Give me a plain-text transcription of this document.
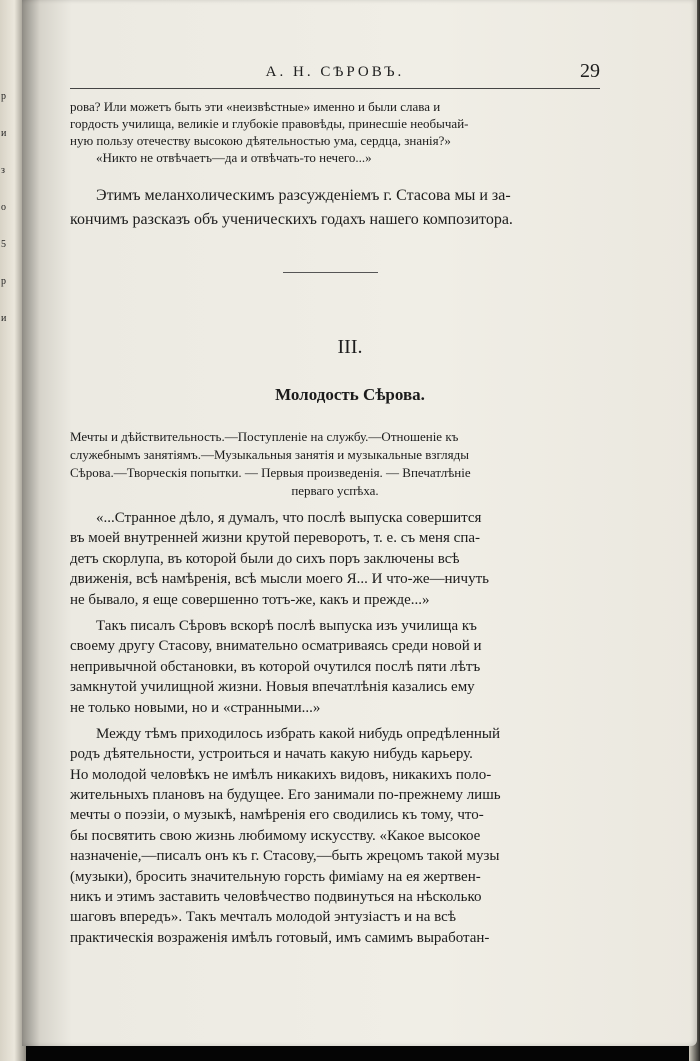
р
и
з
о
5
р
и
А. Н. СѢРОВЪ.	29
рова? Или можетъ быть эти «неизвѣстные» именно и были слава и
гордость училища, великіе и глубокіе правовѣды, принесшіе необычай-
ную пользу отечеству высокою дѣятельностью ума, сердца, знанія?»
«Никто не отвѣчаетъ—да и отвѣчать-то нечего...»
Этимъ меланхолическимъ разсужденіемъ г. Стасова мы и за-
кончимъ разсказъ объ ученическихъ годахъ нашего композитора.
III.
Молодость Сѣрова.
Мечты и дѣйствительность.—Поступленіе на службу.—Отношеніе къ
служебнымъ занятіямъ.—Музыкальныя занятія и музыкальные взгляды
Сѣрова.—Творческія попытки. — Первыя произведенія. — Впечатлѣніе
перваго успѣха.
«...Странное дѣло, я думалъ, что послѣ выпуска совершится
въ моей внутренней жизни крутой переворотъ, т. е. съ меня спа-
детъ скорлупа, въ которой были до сихъ поръ заключены всѣ
движенія, всѣ намѣренія, всѣ мысли моего Я... И что-же—ничуть
не бывало, я еще совершенно тотъ-же, какъ и прежде...»
Такъ писалъ Сѣровъ вскорѣ послѣ выпуска изъ училища къ
своему другу Стасову, внимательно осматриваясь среди новой и
непривычной обстановки, въ которой очутился послѣ пяти лѣтъ
замкнутой училищной жизни. Новыя впечатлѣнія казались ему
не только новыми, но и «странными...»
Между тѣмъ приходилось избрать какой нибудь опредѣленный
родъ дѣятельности, устроиться и начать какую нибудь карьеру.
Но молодой человѣкъ не имѣлъ никакихъ видовъ, никакихъ поло-
жительныхъ плановъ на будущее. Его занимали по-прежнему лишь
мечты о поэзіи, о музыкѣ, намѣренія его сводились къ тому, что-
бы посвятить свою жизнь любимому искусству. «Какое высокое
назначеніе,—писалъ онъ къ г. Стасову,—быть жрецомъ такой музы
(музыки), бросить значительную горсть фиміаму на ея жертвен-
никъ и этимъ заставить человѣчество подвинуться на нѣсколько
шаговъ впередъ». Такъ мечталъ молодой энтузіастъ и на всѣ
практическія возраженія имѣлъ готовый, имъ самимъ выработан-
